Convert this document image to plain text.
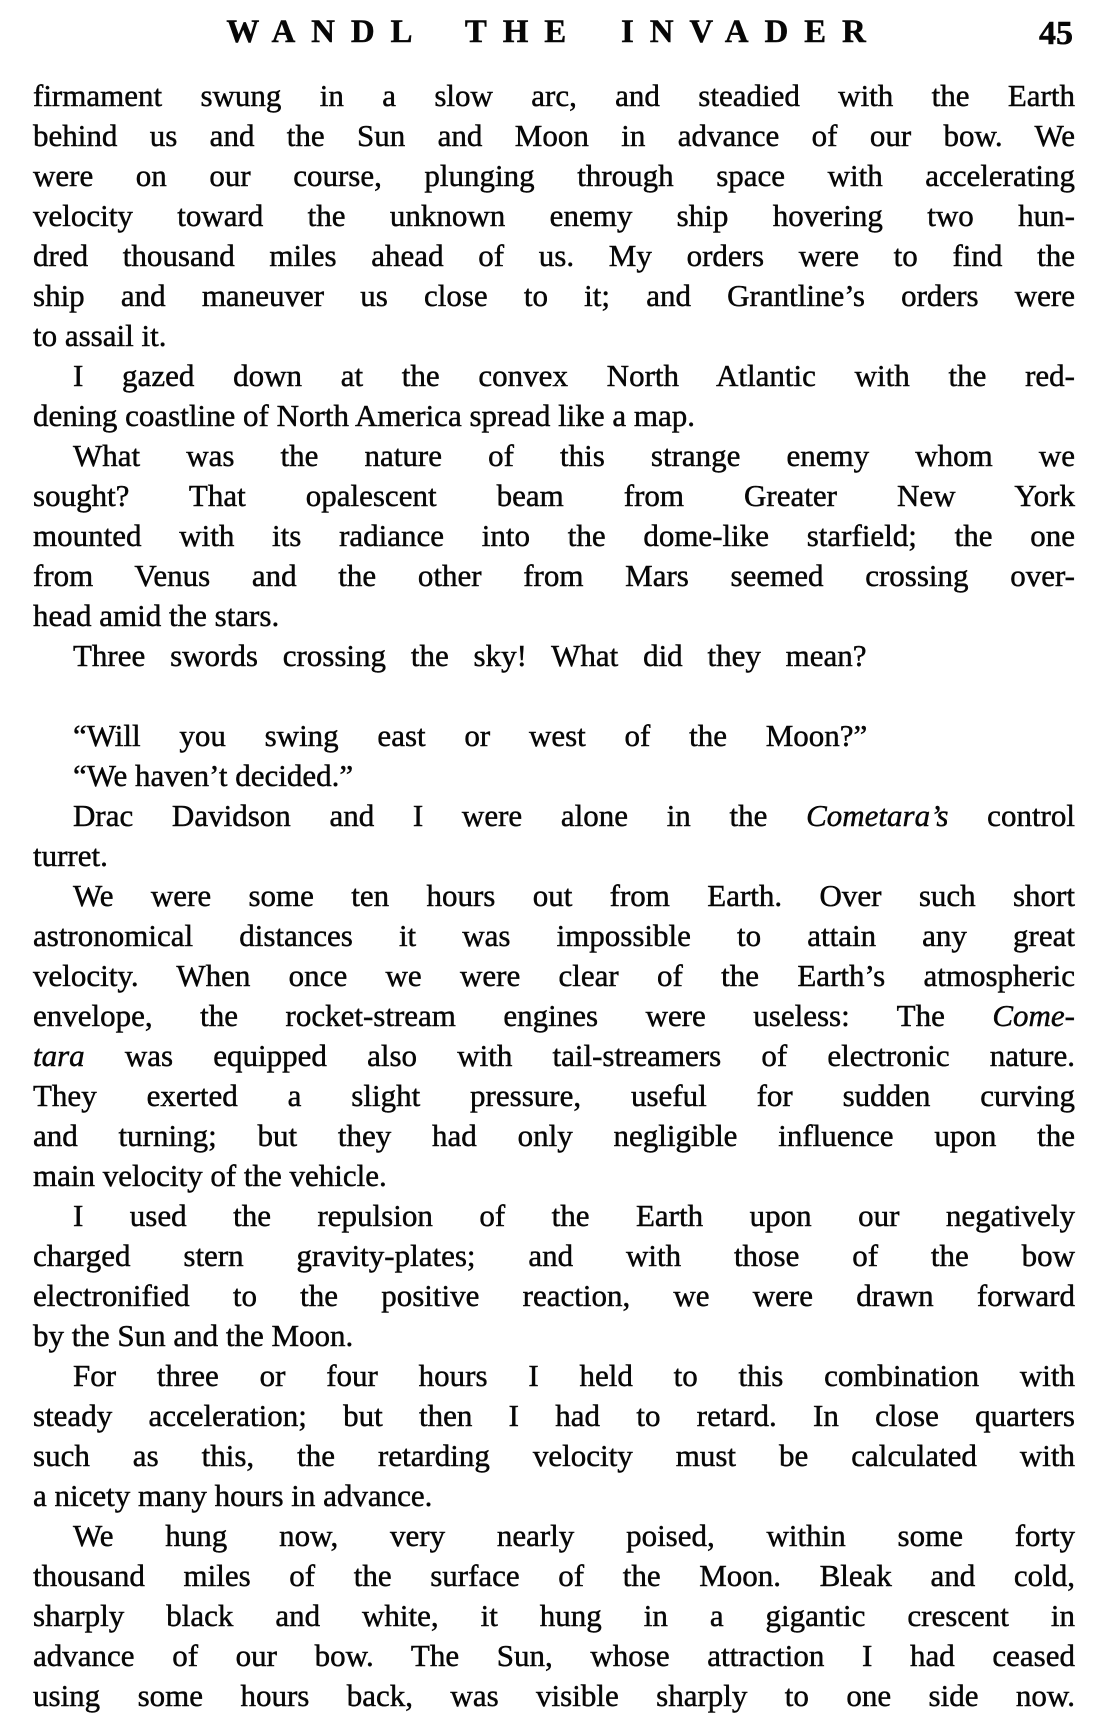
WANDL THE INVADER	45

firmament swung in a slow arc, and steadied with the Earth
behind us and the Sun and Moon in advance of our bow. We
were on our course, plunging through space with accelerating
velocity toward the unknown enemy ship hovering two hun-
dred thousand miles ahead of us. My orders were to find the
ship and maneuver us close to it; and Grantline’s orders were
to assail it.

I gazed down at the convex North Atlantic with the red-
dening coastline of North America spread like a map.

What was the nature of this strange enemy whom we
sought? That opalescent beam from Greater New York
mounted with its radiance into the dome-like starfield; the one
from Venus and the other from Mars seemed crossing over-
head amid the stars.

Three swords crossing the sky! What did they mean?

“Will you swing east or west of the Moon?”

“We haven’t decided.”

Drac Davidson and I were alone in the Cometara’s control
turret.

We were some ten hours out from Earth. Over such short
astronomical distances it was impossible to attain any great
velocity. When once we were clear of the Earth’s atmospheric
envelope, the rocket-stream engines were useless: The Come-
tara was equipped also with tail-streamers of electronic nature.
They exerted a slight pressure, useful for sudden curving
and turning; but they had only negligible influence upon the
main velocity of the vehicle.

I used the repulsion of the Earth upon our negatively
charged stern gravity-plates; and with those of the bow
electronified to the positive reaction, we were drawn forward
by the Sun and the Moon.

For three or four hours I held to this combination with
steady acceleration; but then I had to retard. In close quarters
such as this, the retarding velocity must be calculated with
a nicety many hours in advance.

We hung now, very nearly poised, within some forty
thousand miles of the surface of the Moon. Bleak and cold,
sharply black and white, it hung in a gigantic crescent in
advance of our bow. The Sun, whose attraction I had ceased
using some hours back, was visible sharply to one side now.
